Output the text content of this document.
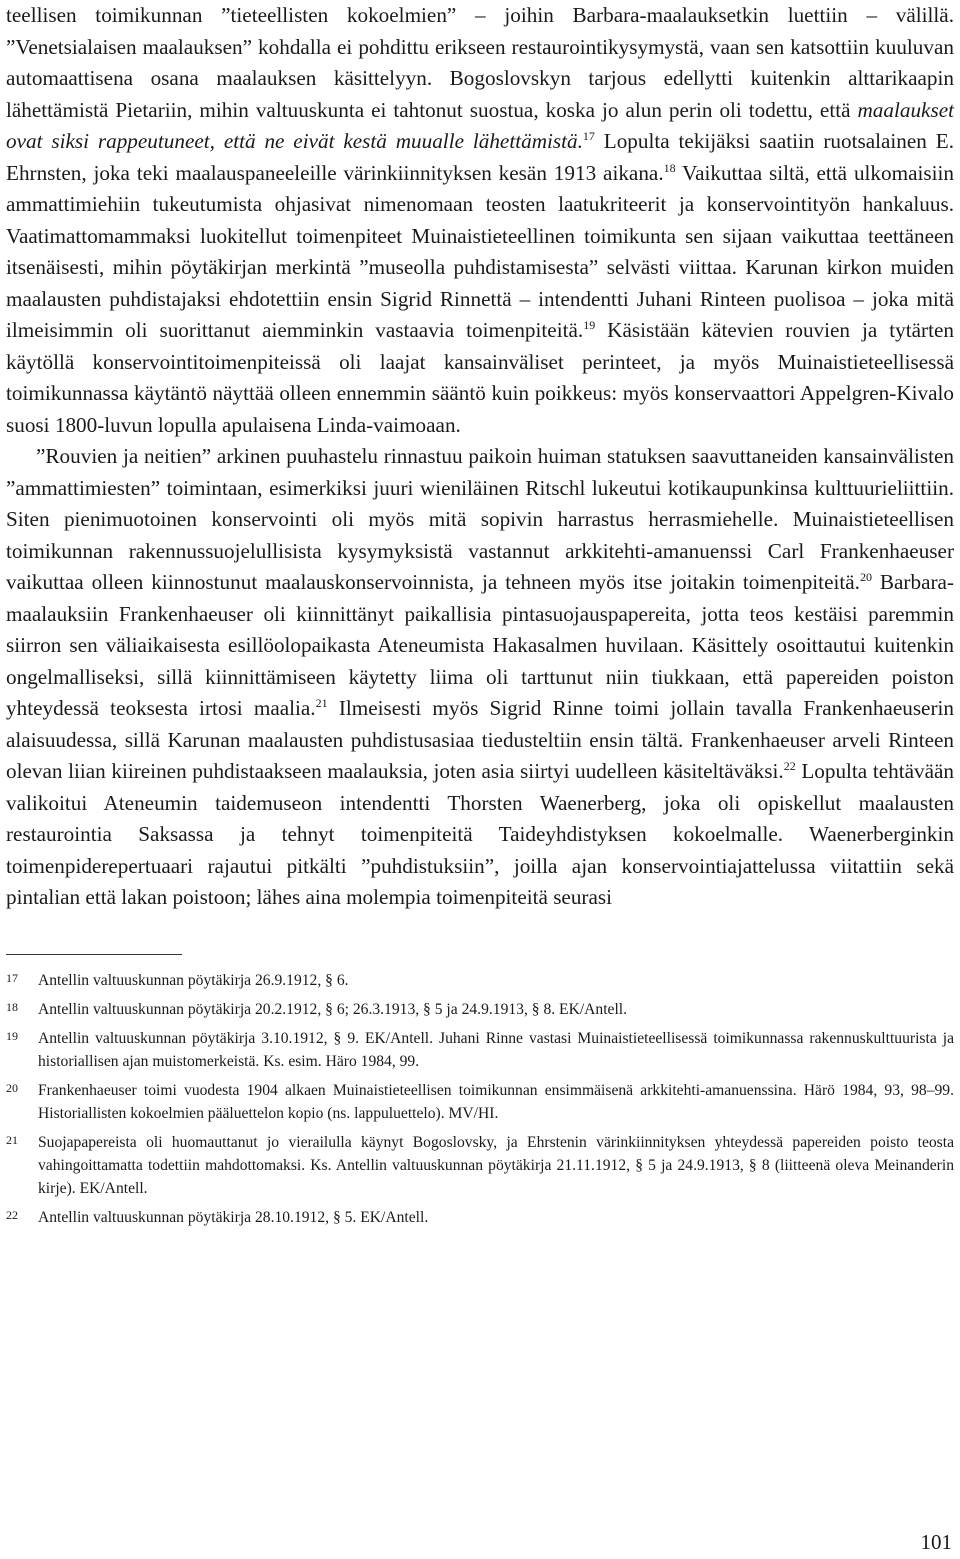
teellisen toimikunnan ”tieteellisten kokoelmien” – joihin Barbara-maalauksetkin luettiin – välillä. ”Venetsialaisen maalauksen” kohdalla ei pohdittu erikseen restaurointikysymystä, vaan sen katsottiin kuuluvan automaattisena osana maalauksen käsittelyyn. Bogoslovskyn tarjous edellytti kuitenkin alttarikaapin lähettämistä Pietariin, mihin valtuuskunta ei tahtonut suostua, koska jo alun perin oli todettu, että maalaukset ovat siksi rappeutuneet, että ne eivät kestä muualle lähettämistä.$^{17}$ Lopulta tekijäksi saatiin ruotsalainen E. Ehrnsten, joka teki maalauspaneeleille värinkiinnityksen kesän 1913 aikana.$^{18}$ Vaikuttaa siltä, että ulkomaisiin ammattimiehiin tukeutumista ohjasivat nimenomaan teosten laatukriteerit ja konservointityön hankaluus. Vaatimattomammaksi luokitellut toimenpiteet Muinaistieteellinen toimikunta sen sijaan vaikuttaa teettäneen itsenäisesti, mihin pöytäkirjan merkintä ”museolla puhdistamisesta” selvästi viittaa. Karunan kirkon muiden maalausten puhdistajaksi ehdotettiin ensin Sigrid Rinnettä – intendentti Juhani Rinteen puolisoa – joka mitä ilmeisimmin oli suorittanut aiemminkin vastaavia toimenpiteitä.$^{19}$ Käsistään kätevien rouvien ja tytärten käytöllä konservointitoimenpiteissä oli laajat kansainväliset perinteet, ja myös Muinaistieteellisessä toimikunnassa käytäntö näyttää olleen ennemmin sääntö kuin poikkeus: myös konservaattori Appelgren-Kivalo suosi 1800-luvun lopulla apulaisena Linda-vaimoaan.

”Rouvien ja neitien” arkinen puuhastelu rinnastuu paikoin huiman statuksen saavuttaneiden kansainvälisten ”ammattimiesten” toimintaan, esimerkiksi juuri wieniläinen Ritschl lukeutui kotikaupunkinsa kulttuurieliittiin. Siten pienimuotoinen konservointi oli myös mitä sopivin harrastus herrasmiehelle. Muinaistieteellisen toimikunnan rakennussuojelullisista kysymyksistä vastannut arkkitehti-amanuenssi Carl Frankenhaeuser vaikuttaa olleen kiinnostunut maalauskonservoinnista, ja tehneen myös itse joitakin toimenpiteitä.$^{20}$ Barbara-maalauksiin Frankenhaeuser oli kiinnittänyt paikallisia pintasuojauspapereita, jotta teos kestäisi paremmin siirron sen väliaikaisesta esillöolopaikasta Ateneumista Hakasalmen huvilaan. Käsittely osoittautui kuitenkin ongelmalliseksi, sillä kiinnittämiseen käytetty liima oli tarttunut niin tiukkaan, että papereiden poiston yhteydessä teoksesta irtosi maalia.$^{21}$ Ilmeisesti myös Sigrid Rinne toimi jollain tavalla Frankenhaeuserin alaisuudessa, sillä Karunan maalausten puhdistusasiaa tiedusteltiin ensin tältä. Frankenhaeuser arveli Rinteen olevan liian kiireinen puhdistaakseen maalauksia, joten asia siirtyi uudelleen käsiteltäväksi.$^{22}$ Lopulta tehtävään valikoitui Ateneumin taidemuseon intendentti Thorsten Waenerberg, joka oli opiskellut maalausten restaurointia Saksassa ja tehnyt toimenpiteitä Taideyhdistyksen kokoelmalle. Waenerberginkin toimenpiderepertuaari rajautui pitkälti ”puhdistuksiin”, joilla ajan konservointiajattelussa viitattiin sekä pintalian että lakan poistoon; lähes aina molempia toimenpiteitä seurasi

17	Antellin valtuuskunnan pöytäkirja 26.9.1912, § 6.
18	Antellin valtuuskunnan pöytäkirja 20.2.1912, § 6; 26.3.1913, § 5 ja 24.9.1913, § 8. EK/Antell.
19	Antellin valtuuskunnan pöytäkirja 3.10.1912, § 9. EK/Antell. Juhani Rinne vastasi Muinaistieteellisessä toimikunnassa rakennuskulttuurista ja historiallisen ajan muistomerkeistä. Ks. esim. Häro 1984, 99.
20	Frankenhaeuser toimi vuodesta 1904 alkaen Muinaistieteellisen toimikunnan ensimmäisenä arkkitehti-amanuenssina. Härö 1984, 93, 98–99. Historiallisten kokoelmien pääluettelon kopio (ns. lappuluettelo). MV/HI.
21	Suojapapereista oli huomauttanut jo vierailulla käynyt Bogoslovsky, ja Ehrstenin värinkiinnityksen yhteydessä papereiden poisto teosta vahingoittamatta todettiin mahdottomaksi. Ks. Antellin valtuuskunnan pöytäkirja 21.11.1912, § 5 ja 24.9.1913, § 8 (liitteenä oleva Meinanderin kirje). EK/Antell.
22	Antellin valtuuskunnan pöytäkirja 28.10.1912, § 5. EK/Antell.
101
